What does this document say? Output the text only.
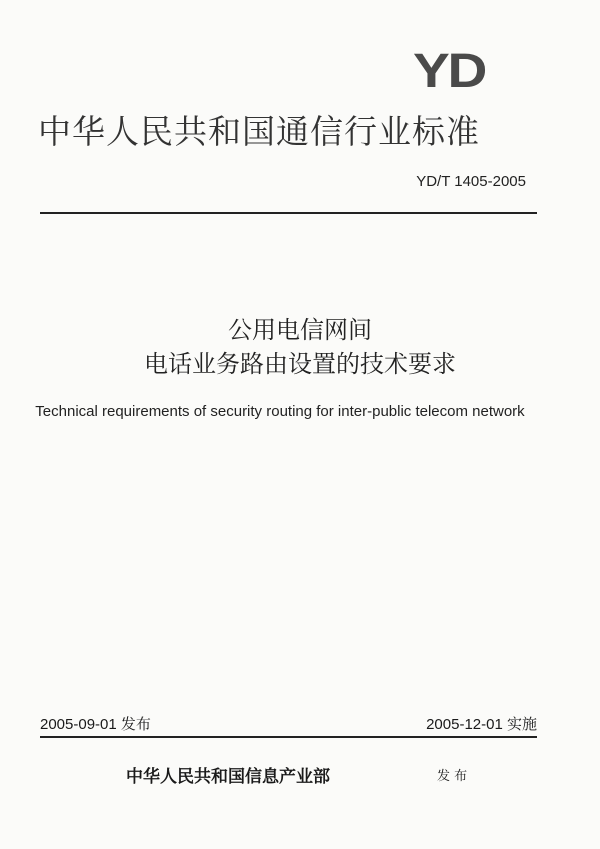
YD
中华人民共和国通信行业标准
YD/T 1405-2005
公用电信网间
电话业务路由设置的技术要求
Technical requirements of security routing for inter-public telecom network
2005-09-01 发布	2005-12-01 实施
中华人民共和国信息产业部	发 布
